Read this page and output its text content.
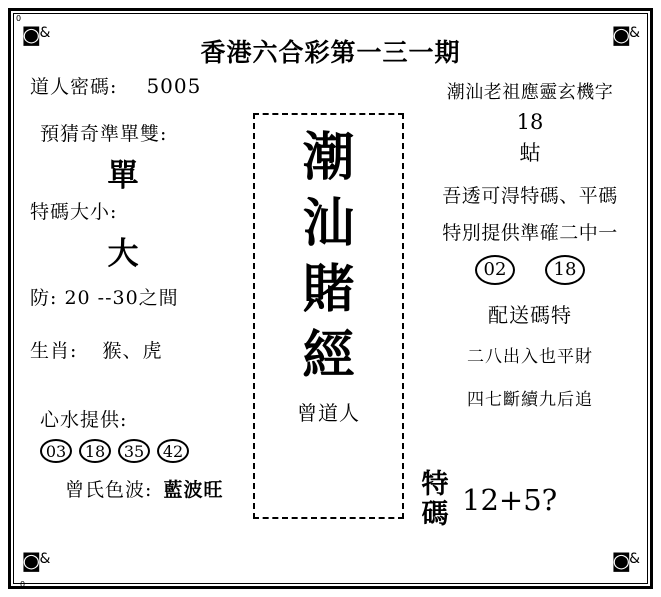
0
0
◙&	◙&
◙&	◙&
香港六合彩第一三一期
道人密碼: 5005
預猜奇準單雙:
單
特碼大小:
大
防: 20 --30之間
生肖: 猴、虎
心水提供:
03	18	35	42
曾氏色波: 藍波旺
潮
汕
賭
經
曾道人
潮汕老祖應靈玄機字
18
蛄
吾透可淂特碼、平碼
特別提供準確二中一
02	18
配送碼特
二八出入也平財
四七斷續九后追
特
碼 12+5?
